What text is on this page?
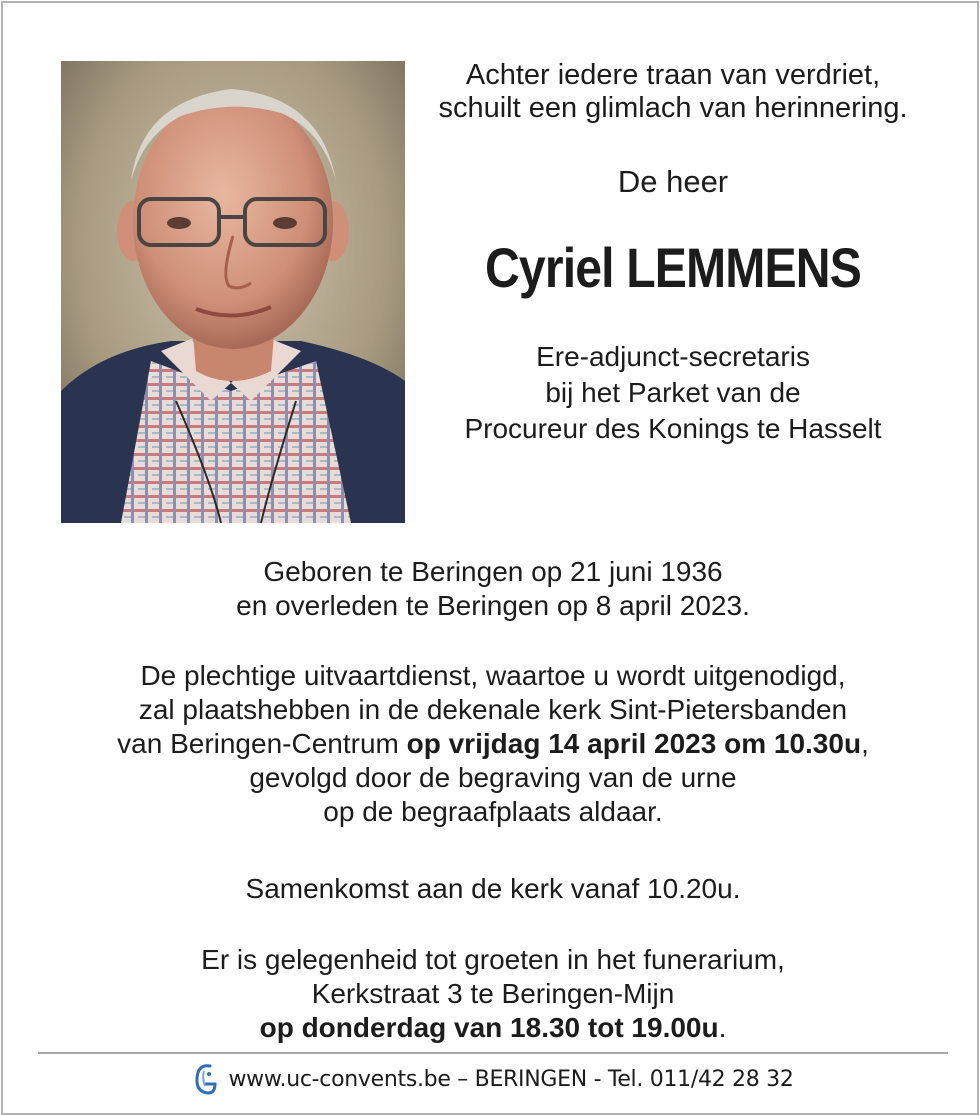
Achter iedere traan van verdriet,
schuilt een glimlach van herinnering.
De heer
Cyriel LEMMENS
Ere-adjunct-secretaris
bij het Parket van de
Procureur des Konings te Hasselt
Geboren te Beringen op 21 juni 1936
en overleden te Beringen op 8 april 2023.
De plechtige uitvaartdienst, waartoe u wordt uitgenodigd,
zal plaatshebben in de dekenale kerk Sint-Pietersbanden
van Beringen-Centrum op vrijdag 14 april 2023 om 10.30u,
gevolgd door de begraving van de urne
op de begraafplaats aldaar.
Samenkomst aan de kerk vanaf 10.20u.
Er is gelegenheid tot groeten in het funerarium,
Kerkstraat 3 te Beringen-Mijn
op donderdag van 18.30 tot 19.00u.
www.uc-convents.be – BERINGEN - Tel. 011/42 28 32
